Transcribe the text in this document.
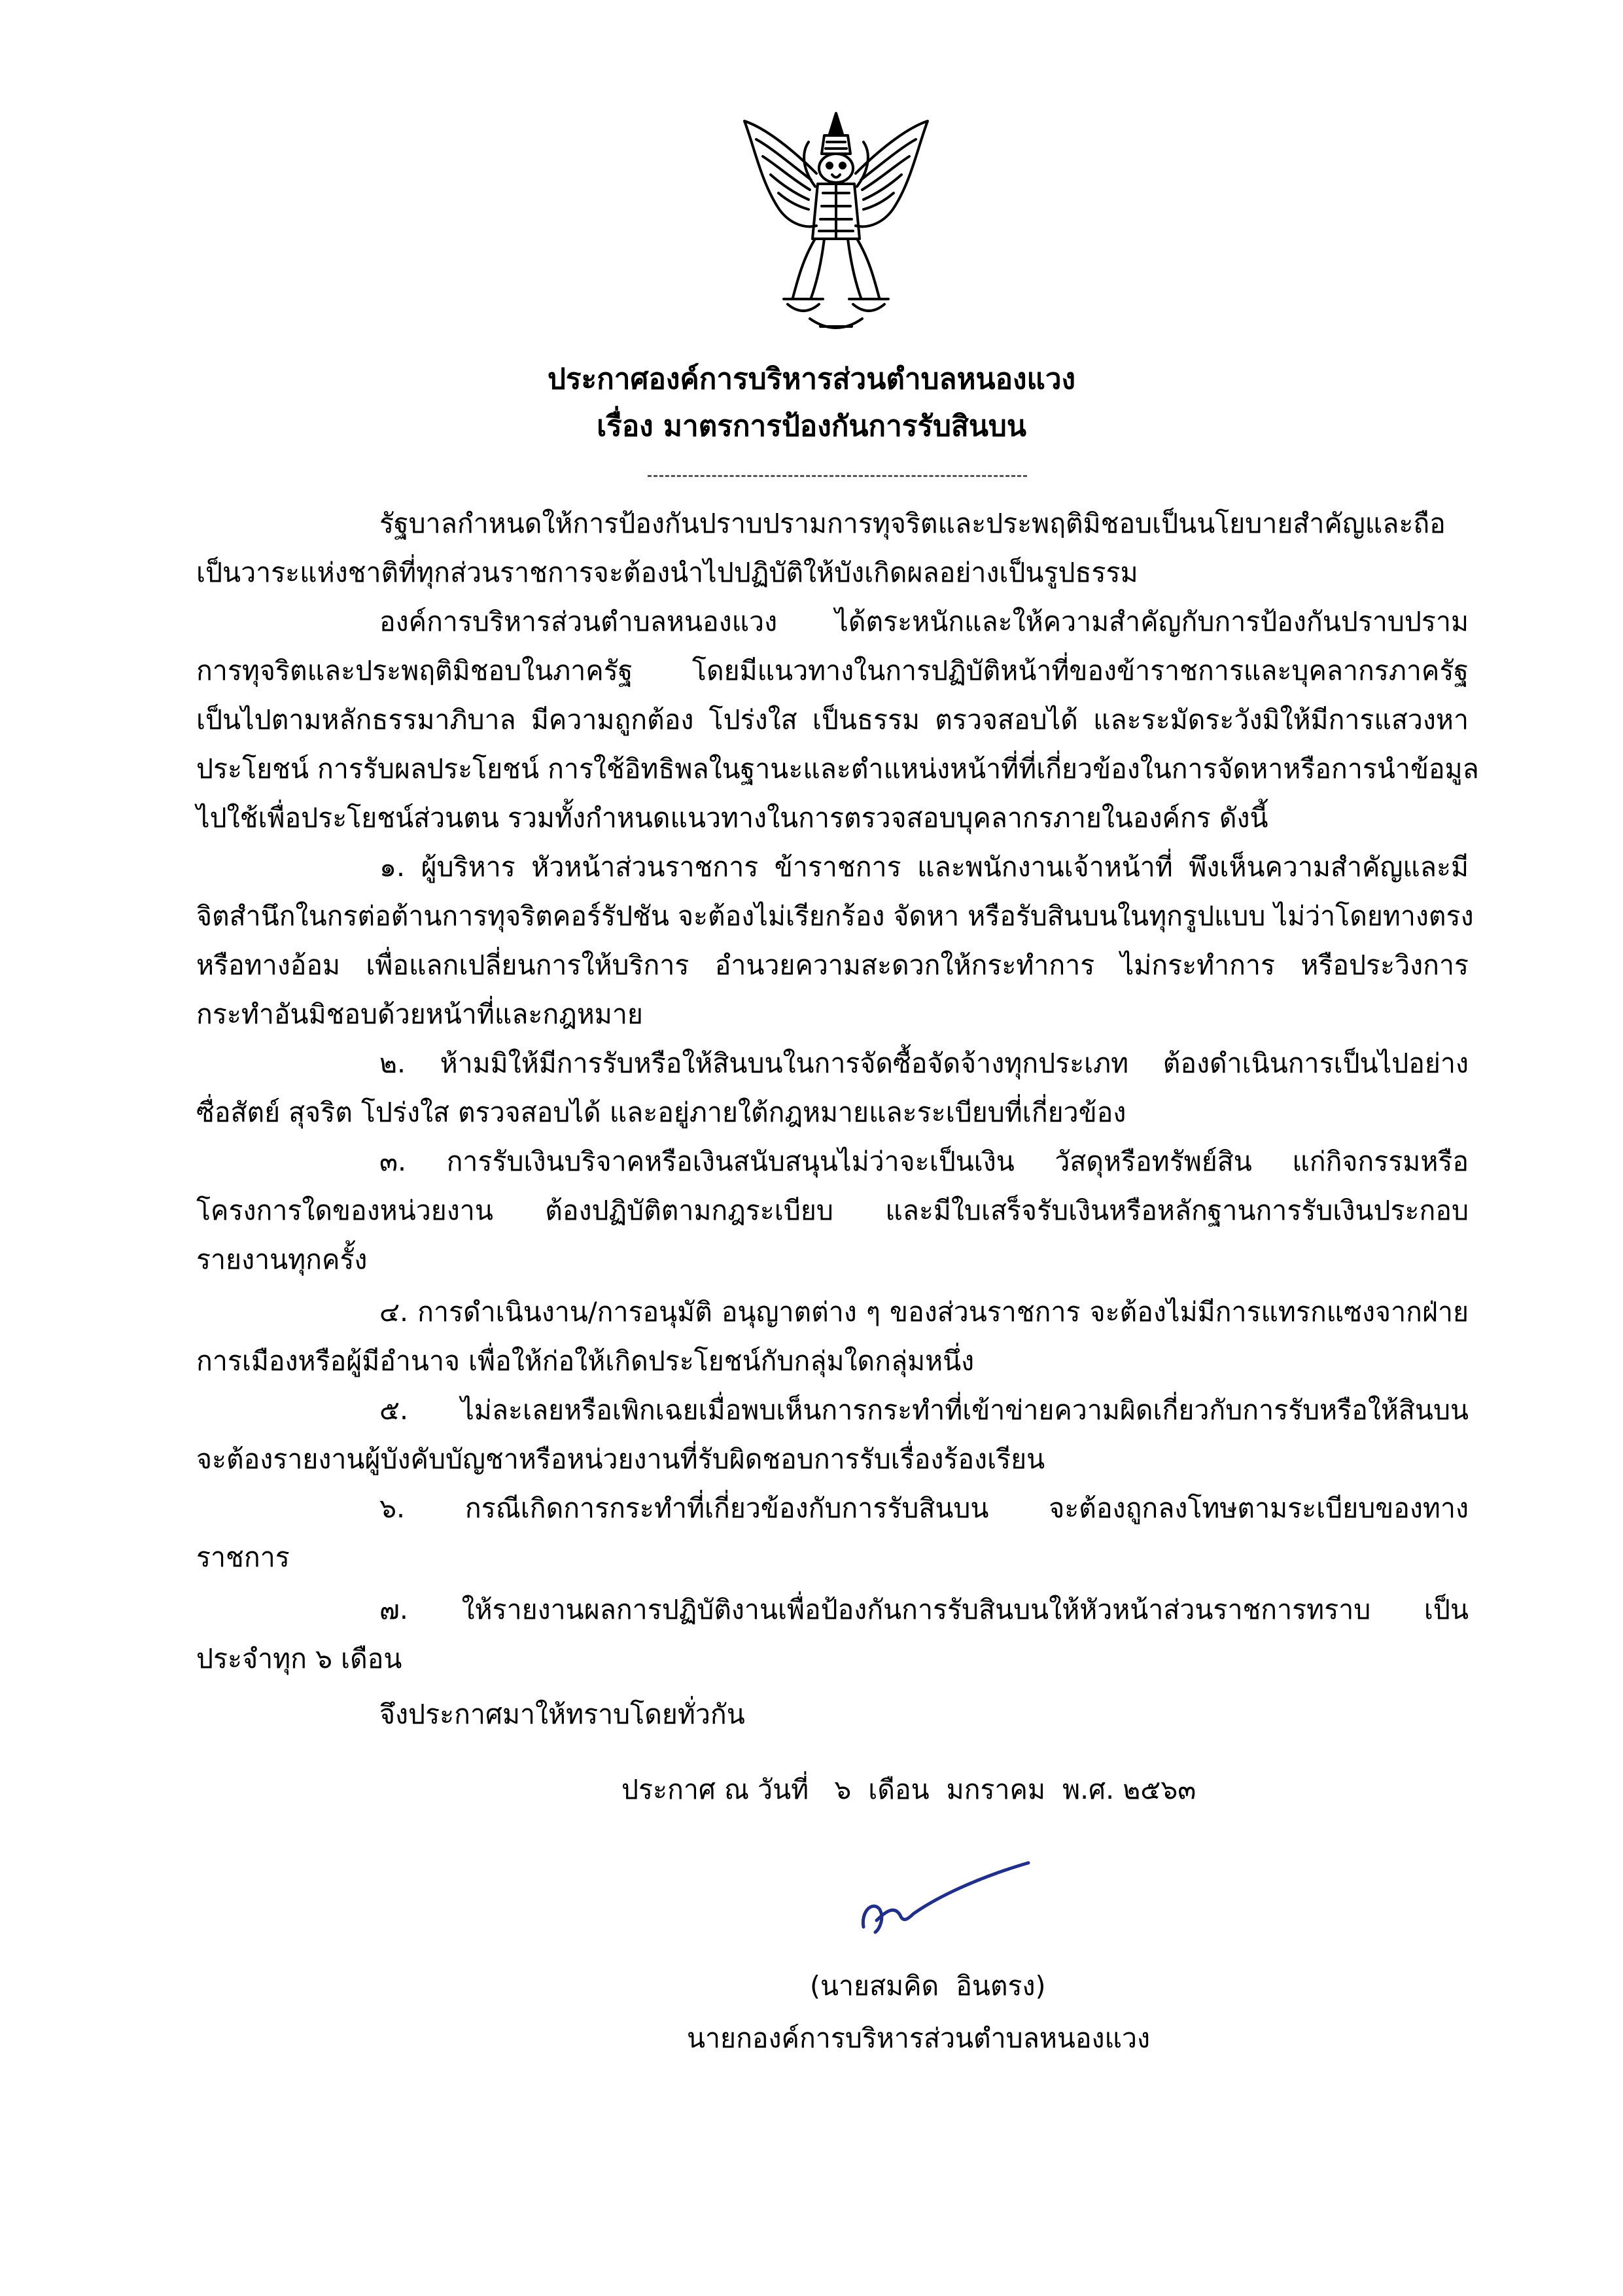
ประกาศองค์การบริหารส่วนตำบลหนองแวง
เรื่อง มาตรการป้องกันการรับสินบน
รัฐบาลกำหนดให้การป้องกันปราบปรามการทุจริตและประพฤติมิชอบเป็นนโยบายสำคัญและถือ
เป็นวาระแห่งชาติที่ทุกส่วนราชการจะต้องนำไปปฏิบัติให้บังเกิดผลอย่างเป็นรูปธรรม
องค์การบริหารส่วนตำบลหนองแวง ได้ตระหนักและให้ความสำคัญกับการป้องกันปราบปราม
การทุจริตและประพฤติมิชอบในภาครัฐ โดยมีแนวทางในการปฏิบัติหน้าที่ของข้าราชการและบุคลากรภาครัฐ
เป็นไปตามหลักธรรมาภิบาล มีความถูกต้อง โปร่งใส เป็นธรรม ตรวจสอบได้ และระมัดระวังมิให้มีการแสวงหา
ประโยชน์ การรับผลประโยชน์ การใช้อิทธิพลในฐานะและตำแหน่งหน้าที่ที่เกี่ยวข้องในการจัดหาหรือการนำข้อมูล
ไปใช้เพื่อประโยชน์ส่วนตน รวมทั้งกำหนดแนวทางในการตรวจสอบบุคลากรภายในองค์กร ดังนี้
๑. ผู้บริหาร หัวหน้าส่วนราชการ ข้าราชการ และพนักงานเจ้าหน้าที่ พึงเห็นความสำคัญและมี
จิตสำนึกในกรต่อต้านการทุจริตคอร์รัปชัน จะต้องไม่เรียกร้อง จัดหา หรือรับสินบนในทุกรูปแบบ ไม่ว่าโดยทางตรง
หรือทางอ้อม เพื่อแลกเปลี่ยนการให้บริการ อำนวยความสะดวกให้กระทำการ ไม่กระทำการ หรือประวิงการ
กระทำอันมิชอบด้วยหน้าที่และกฎหมาย
๒. ห้ามมิให้มีการรับหรือให้สินบนในการจัดซื้อจัดจ้างทุกประเภท ต้องดำเนินการเป็นไปอย่าง
ซื่อสัตย์ สุจริต โปร่งใส ตรวจสอบได้ และอยู่ภายใต้กฎหมายและระเบียบที่เกี่ยวข้อง
๓. การรับเงินบริจาคหรือเงินสนับสนุนไม่ว่าจะเป็นเงิน วัสดุหรือทรัพย์สิน แก่กิจกรรมหรือ
โครงการใดของหน่วยงาน ต้องปฏิบัติตามกฎระเบียบ และมีใบเสร็จรับเงินหรือหลักฐานการรับเงินประกอบ
รายงานทุกครั้ง
๔. การดำเนินงาน/การอนุมัติ อนุญาตต่าง ๆ ของส่วนราชการ จะต้องไม่มีการแทรกแซงจากฝ่าย
การเมืองหรือผู้มีอำนาจ เพื่อให้ก่อให้เกิดประโยชน์กับกลุ่มใดกลุ่มหนึ่ง
๕. ไม่ละเลยหรือเพิกเฉยเมื่อพบเห็นการกระทำที่เข้าข่ายความผิดเกี่ยวกับการรับหรือให้สินบน
จะต้องรายงานผู้บังคับบัญชาหรือหน่วยงานที่รับผิดชอบการรับเรื่องร้องเรียน
๖. กรณีเกิดการกระทำที่เกี่ยวข้องกับการรับสินบน จะต้องถูกลงโทษตามระเบียบของทาง
ราชการ
๗. ให้รายงานผลการปฏิบัติงานเพื่อป้องกันการรับสินบนให้หัวหน้าส่วนราชการทราบ เป็น
ประจำทุก ๖ เดือน
จึงประกาศมาให้ทราบโดยทั่วกัน
ประกาศ ณ วันที่   ๖  เดือน  มกราคม  พ.ศ. ๒๕๖๓
(นายสมคิด  อินตรง)
นายกองค์การบริหารส่วนตำบลหนองแวง
